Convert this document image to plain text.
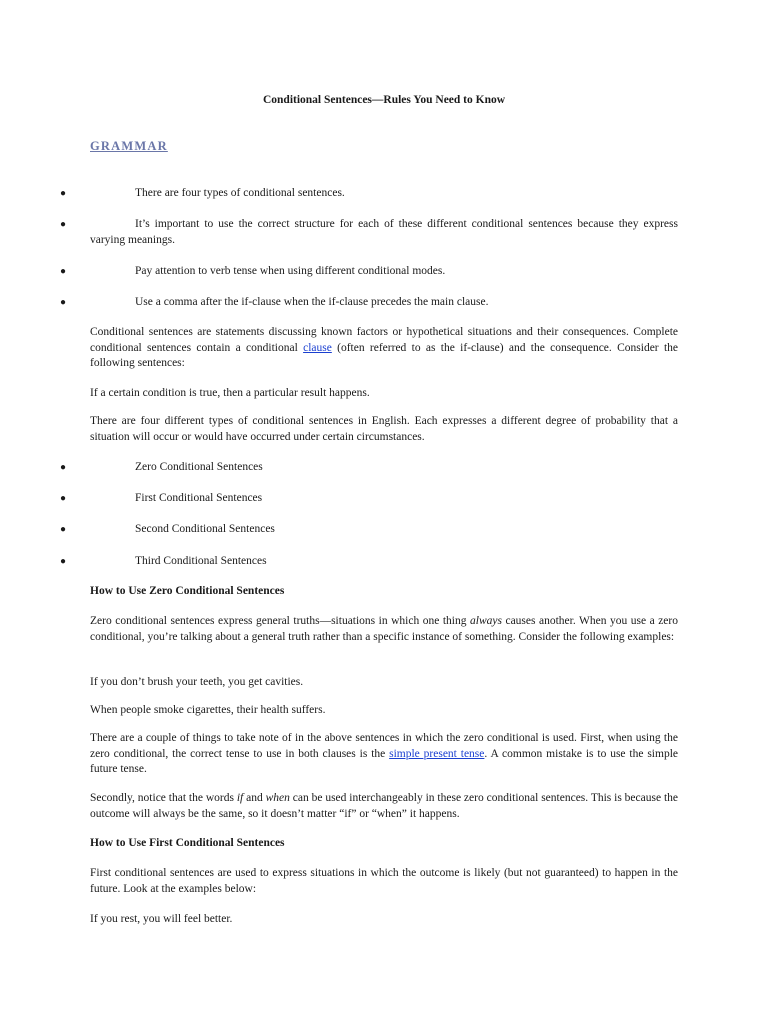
Conditional Sentences—Rules You Need to Know
GRAMMAR
●	There are four types of conditional sentences.
●	It’s important to use the correct structure for each of these different conditional sentences because they express varying meanings.
●	Pay attention to verb tense when using different conditional modes.
●	Use a comma after the if-clause when the if-clause precedes the main clause.
Conditional sentences are statements discussing known factors or hypothetical situations and their consequences. Complete conditional sentences contain a conditional clause (often referred to as the if-clause) and the consequence. Consider the following sentences:
If a certain condition is true, then a particular result happens.
There are four different types of conditional sentences in English. Each expresses a different degree of probability that a situation will occur or would have occurred under certain circumstances.
●	Zero Conditional Sentences
●	First Conditional Sentences
●	Second Conditional Sentences
●	Third Conditional Sentences
How to Use Zero Conditional Sentences
Zero conditional sentences express general truths—situations in which one thing always causes another. When you use a zero conditional, you’re talking about a general truth rather than a specific instance of something. Consider the following examples:
If you don’t brush your teeth, you get cavities.
When people smoke cigarettes, their health suffers.
There are a couple of things to take note of in the above sentences in which the zero conditional is used. First, when using the zero conditional, the correct tense to use in both clauses is the simple present tense. A common mistake is to use the simple future tense.
Secondly, notice that the words if and when can be used interchangeably in these zero conditional sentences. This is because the outcome will always be the same, so it doesn’t matter “if” or “when” it happens.
How to Use First Conditional Sentences
First conditional sentences are used to express situations in which the outcome is likely (but not guaranteed) to happen in the future. Look at the examples below:
If you rest, you will feel better.
